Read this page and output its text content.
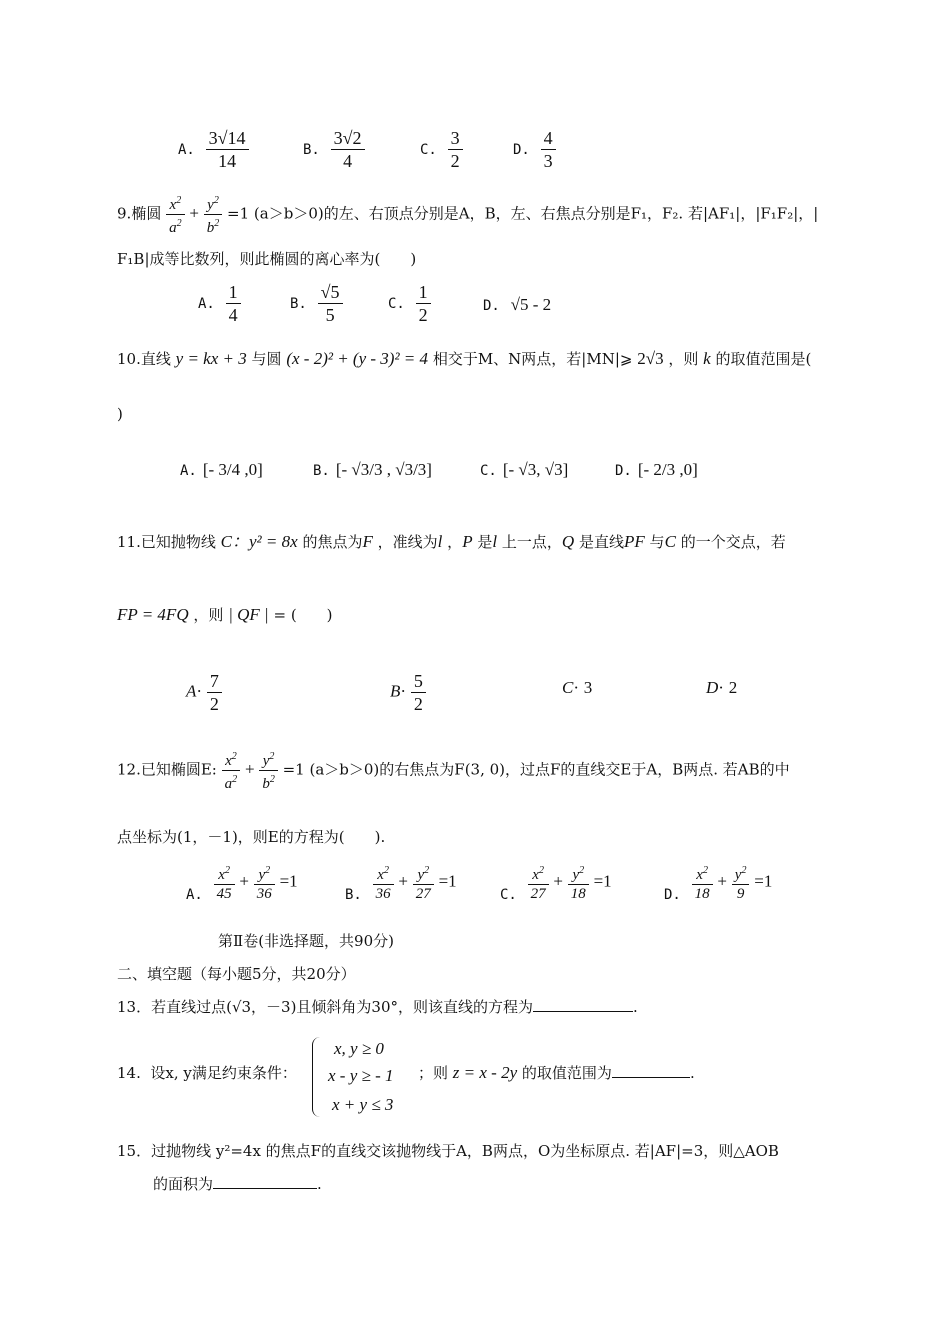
A. $\frac{3√14}{14}$	B. $\frac{3√2}{4}$	C. $\frac{3}{2}$	D. $\frac{4}{3}$
9.椭圆 $\frac{x^2}{a^2} + \frac{y^2}{b^2} =1$ (a＞b＞0)的左、右顶点分别是A，B，左、右焦点分别是F₁，F₂. 若|AF₁|，|F₁F₂|，|
F₁B|成等比数列，则此椭圆的离心率为(　　)
A. $\frac{1}{4}$	B. $\frac{√5}{5}$	C. $\frac{1}{2}$	D. √5 - 2
10.直线 y = kx + 3 与圆 (x - 2)² + (y - 3)² = 4 相交于M、N两点，若|MN|⩾ 2√3 ，则 k 的取值范围是(
)
A. [- 3/4 ,0]	B. [- √3/3 , √3/3]	C. [- √3, √3]	D. [- 2/3 ,0]
11.已知抛物线 C：y² = 8x 的焦点为F ，准线为l ，P 是l 上一点，Q 是直线PF 与C 的一个交点，若
FP = 4FQ ，则 | QF | = (　　)
$A\cdot \frac{7}{2}$	$B\cdot \frac{5}{2}$	C· 3	D· 2
12.已知椭圆E: $\frac{x^2}{a^2} + \frac{y^2}{b^2} =1$ (a＞b＞0)的右焦点为F(3, 0)，过点F的直线交E于A，B两点. 若AB的中
点坐标为(1，－1)，则E的方程为(　　).
A. $\frac{x^2}{45} + \frac{y^2}{36} =1$
B. $\frac{x^2}{36} + \frac{y^2}{27} =1$
C. $\frac{x^2}{27} + \frac{y^2}{18} =1$
D. $\frac{x^2}{18} + \frac{y^2}{9} =1$
第Ⅱ卷(非选择题，共90分)
二、填空题（每小题5分，共20分）
13．若直线过点(√3，－3)且倾斜角为30°，则该直线的方程为	.
14. 设x, y满足约束条件：
x, y ≥ 0
x - y ≥ - 1
x + y ≤ 3
；则 z = x - 2y 的取值范围为	.
15．过抛物线 y²=4x 的焦点F的直线交该抛物线于A，B两点，O为坐标原点. 若|AF|=3，则△AOB
的面积为	.
